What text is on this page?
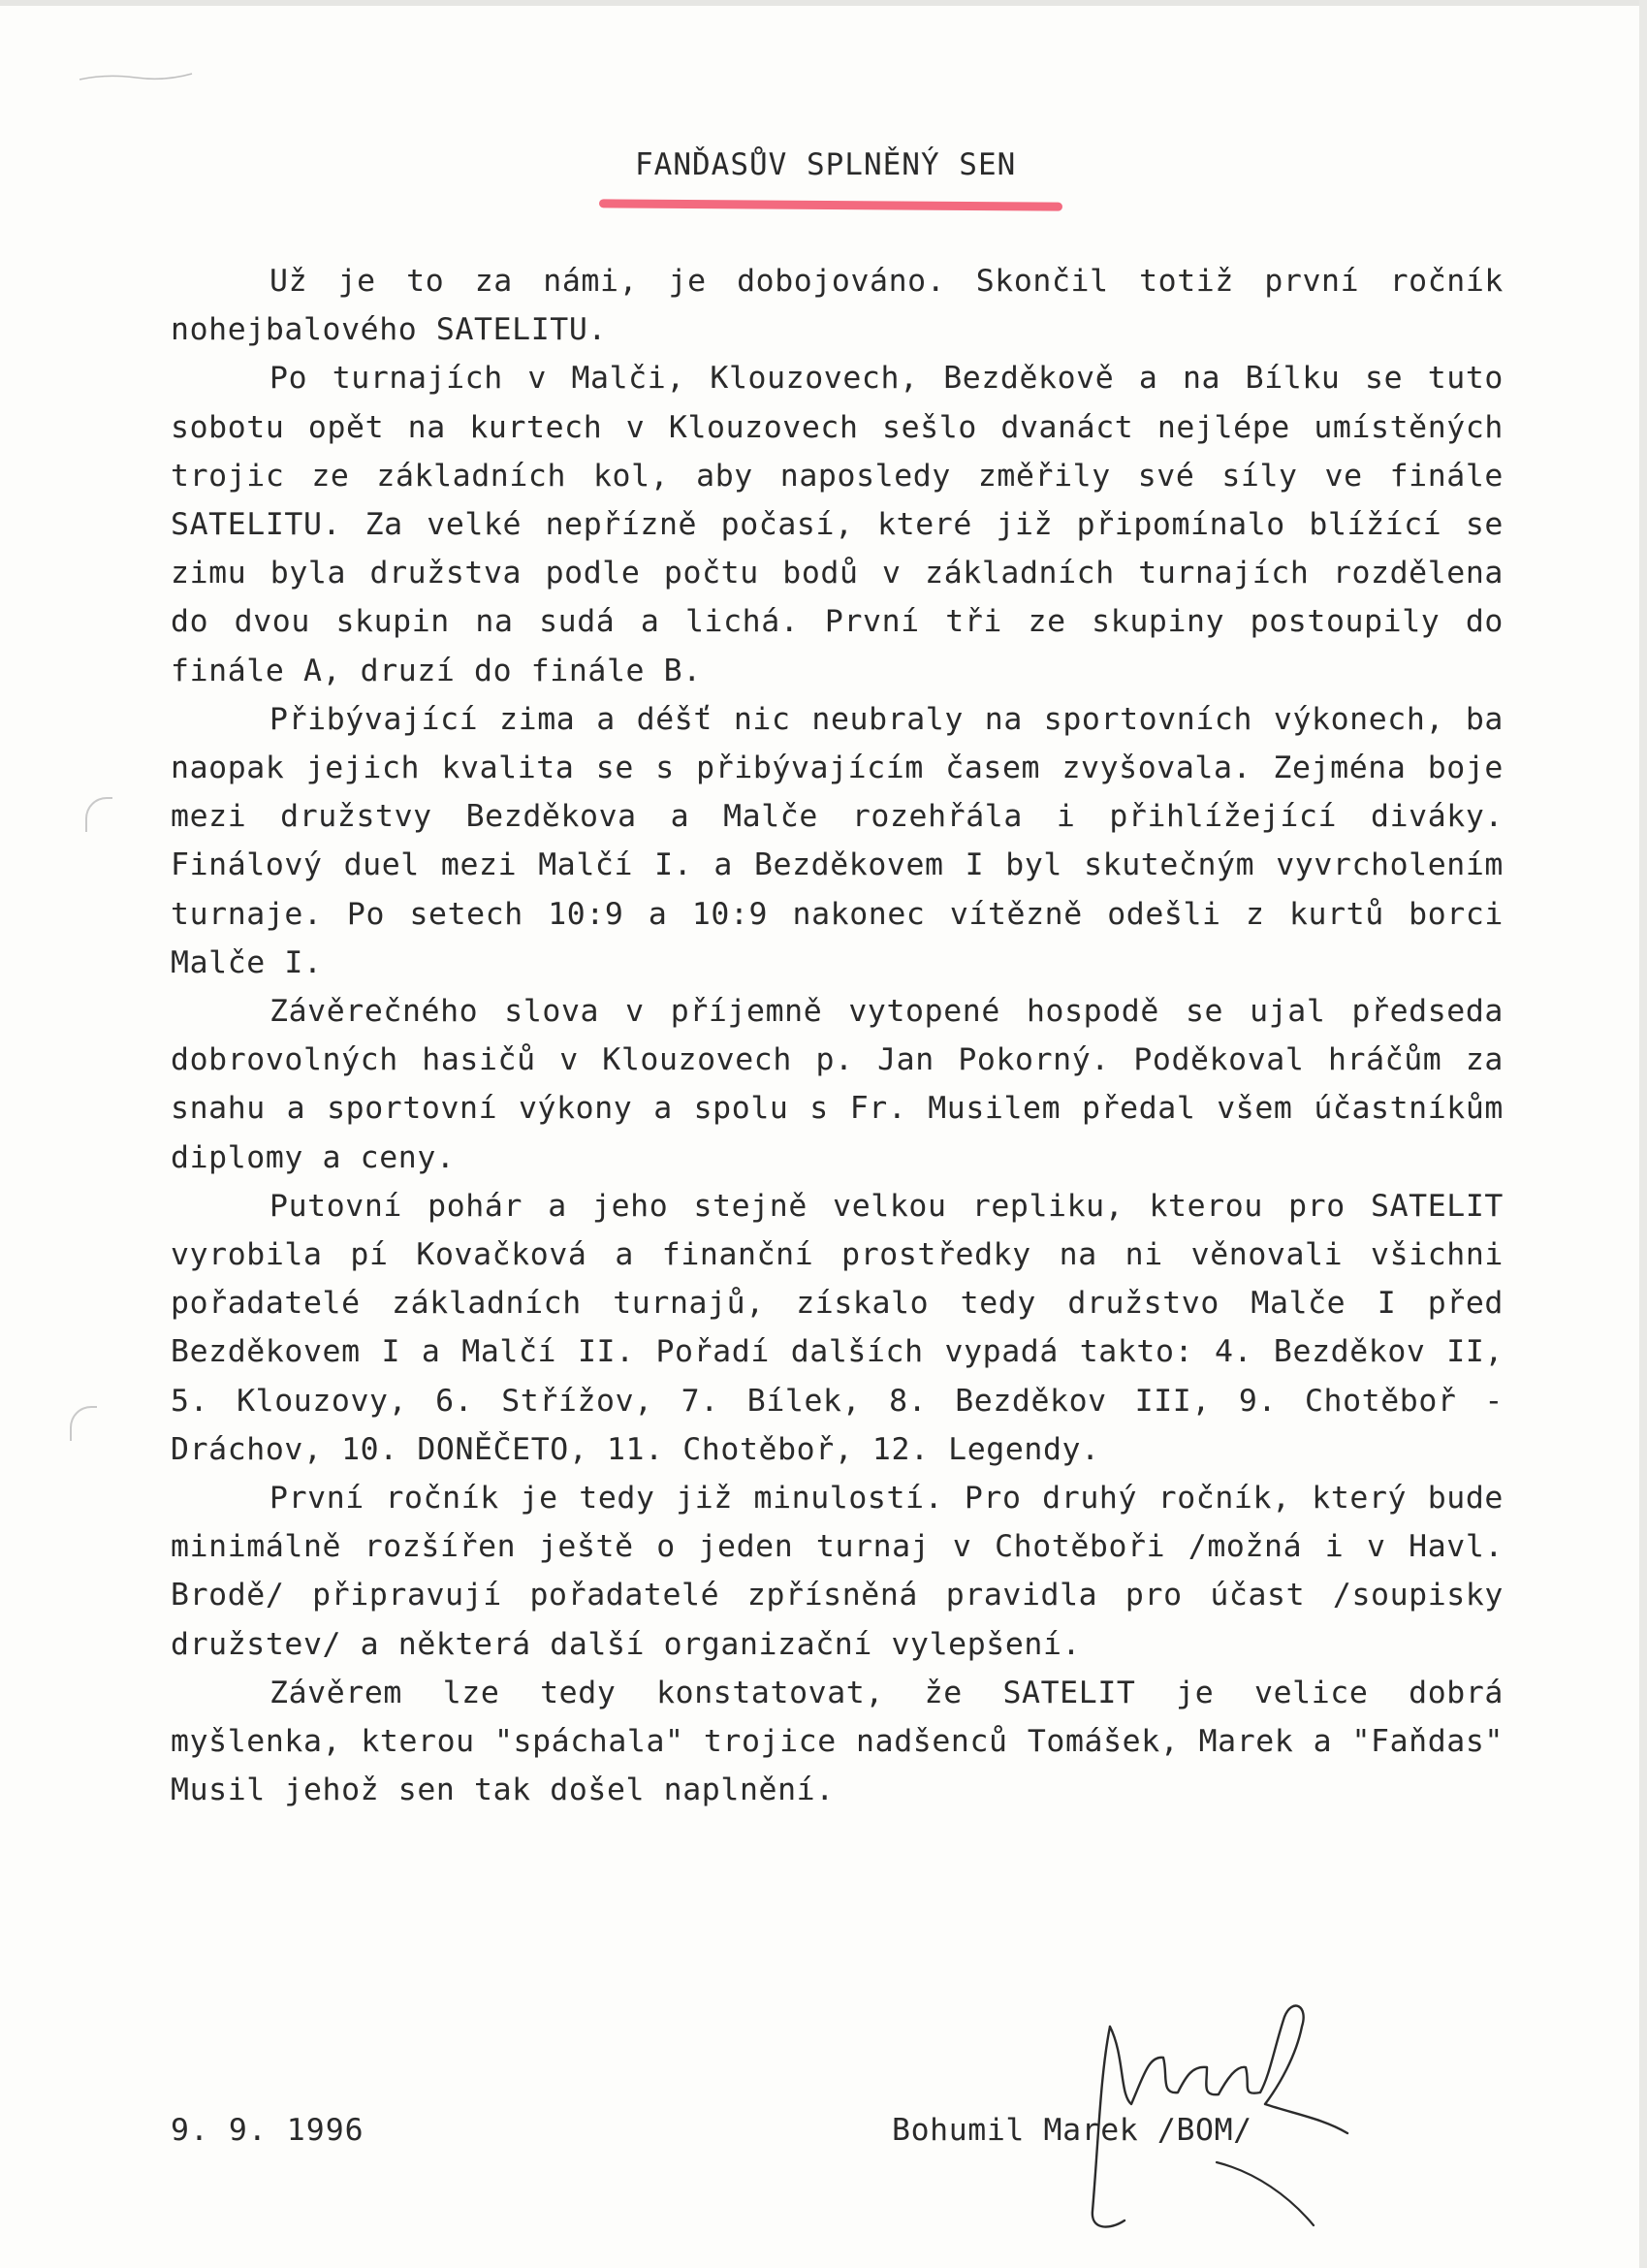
FANĎASŮV SPLNĚNÝ SEN

Už je to za námi, je dobojováno. Skončil totiž první ročník nohejbalového SATELITU.

Po turnajích v Malči, Klouzovech, Bezděkově a na Bílku se tuto sobotu opět na kurtech v Klouzovech sešlo dvanáct nejlépe umístěných trojic ze základních kol, aby naposledy změřily své síly ve finále SATELITU. Za velké nepřízně počasí, které již připomínalo blížící se zimu byla družstva podle počtu bodů v základních turnajích rozdělena do dvou skupin na sudá a lichá. První tři ze skupiny postoupily do finále A, druzí do finále B.

Přibývající zima a déšť nic neubraly na sportovních výkonech, ba naopak jejich kvalita se s přibývajícím časem zvyšovala. Zejména boje mezi družstvy Bezděkova a Malče rozehřála i přihlížející diváky. Finálový duel mezi Malčí I. a Bezděkovem I byl skutečným vyvrcholením turnaje. Po setech 10:9 a 10:9 nakonec vítězně odešli z kurtů borci Malče I.

Závěrečného slova v příjemně vytopené hospodě se ujal předseda dobrovolných hasičů v Klouzovech p. Jan Pokorný. Poděkoval hráčům za snahu a sportovní výkony a spolu s Fr. Musilem předal všem účastníkům diplomy a ceny.

Putovní pohár a jeho stejně velkou repliku, kterou pro SATELIT vyrobila pí Kovačková a finanční prostředky na ni věnovali všichni pořadatelé základních turnajů, získalo tedy družstvo Malče I před Bezděkovem I a Malčí II. Pořadí dalších vypadá takto: 4. Bezděkov II, 5. Klouzovy, 6. Střížov, 7. Bílek, 8. Bezděkov III, 9. Chotěboř - Dráchov, 10. DONĚČETO, 11. Chotěboř, 12. Legendy.

První ročník je tedy již minulostí. Pro druhý ročník, který bude minimálně rozšířen ještě o jeden turnaj v Chotěboři /možná i v Havl. Brodě/ připravují pořadatelé zpřísněná pravidla pro účast /soupisky družstev/ a některá další organizační vylepšení.

Závěrem lze tedy konstatovat, že SATELIT je velice dobrá myšlenka, kterou "spáchala" trojice nadšenců Tomášek, Marek a "Faňdas" Musil jehož sen tak došel naplnění.

9. 9. 1996	Bohumil Marek /BOM/
